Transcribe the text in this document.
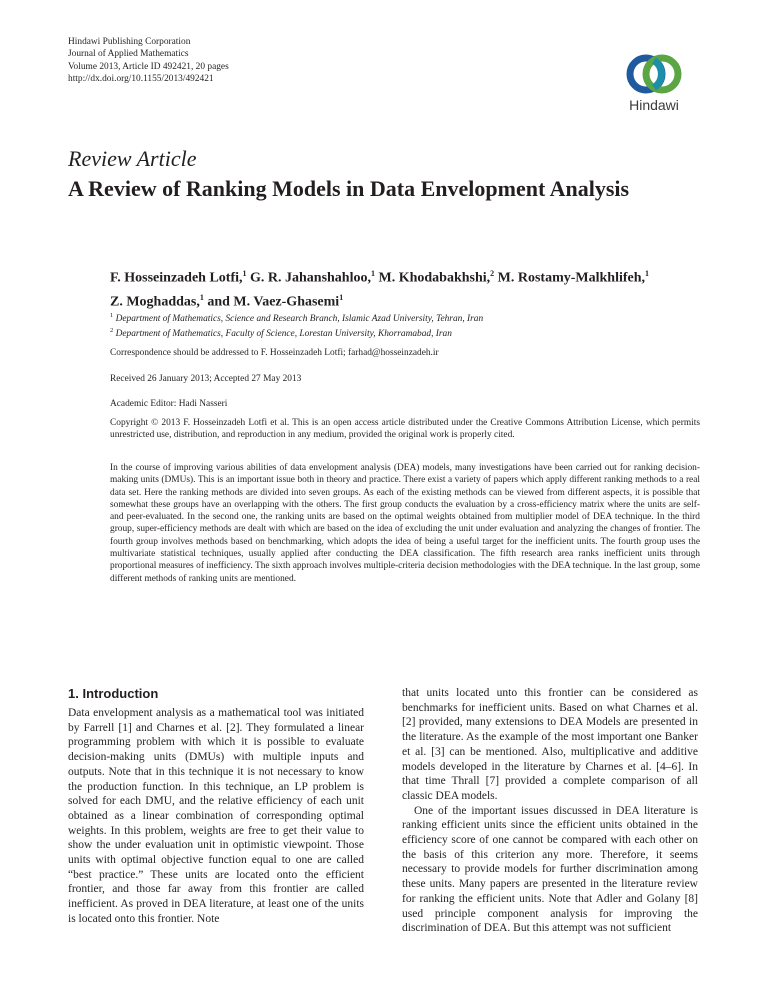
Hindawi Publishing Corporation
Journal of Applied Mathematics
Volume 2013, Article ID 492421, 20 pages
http://dx.doi.org/10.1155/2013/492421
Hindawi
Review Article
A Review of Ranking Models in Data Envelopment Analysis
F. Hosseinzadeh Lotfi,$^1$ G. R. Jahanshahloo,$^1$ M. Khodabakhshi,$^2$ M. Rostamy-Malkhlifeh,$^1$
Z. Moghaddas,$^1$ and M. Vaez-Ghasemi$^1$
$^1$ Department of Mathematics, Science and Research Branch, Islamic Azad University, Tehran, Iran
$^2$ Department of Mathematics, Faculty of Science, Lorestan University, Khorramabad, Iran
Correspondence should be addressed to F. Hosseinzadeh Lotfi; farhad@hosseinzadeh.ir
Received 26 January 2013; Accepted 27 May 2013
Academic Editor: Hadi Nasseri
Copyright © 2013 F. Hosseinzadeh Lotfi et al. This is an open access article distributed under the Creative Commons Attribution License, which permits unrestricted use, distribution, and reproduction in any medium, provided the original work is properly cited.
In the course of improving various abilities of data envelopment analysis (DEA) models, many investigations have been carried out for ranking decision-making units (DMUs). This is an important issue both in theory and practice. There exist a variety of papers which apply different ranking methods to a real data set. Here the ranking methods are divided into seven groups. As each of the existing methods can be viewed from different aspects, it is possible that somewhat these groups have an overlapping with the others. The first group conducts the evaluation by a cross-efficiency matrix where the units are self- and peer-evaluated. In the second one, the ranking units are based on the optimal weights obtained from multiplier model of DEA technique. In the third group, super-efficiency methods are dealt with which are based on the idea of excluding the unit under evaluation and analyzing the changes of frontier. The fourth group involves methods based on benchmarking, which adopts the idea of being a useful target for the inefficient units. The fourth group uses the multivariate statistical techniques, usually applied after conducting the DEA classification. The fifth research area ranks inefficient units through proportional measures of inefficiency. The sixth approach involves multiple-criteria decision methodologies with the DEA technique. In the last group, some different methods of ranking units are mentioned.
1. Introduction

Data envelopment analysis as a mathematical tool was initiated by Farrell [1] and Charnes et al. [2]. They formulated a linear programming problem with which it is possible to evaluate decision-making units (DMUs) with multiple inputs and outputs. Note that in this technique it is not necessary to know the production function. In this technique, an LP problem is solved for each DMU, and the relative efficiency of each unit obtained as a linear combination of corresponding optimal weights. In this problem, weights are free to get their value to show the under evaluation unit in optimistic viewpoint. Those units with optimal objective function equal to one are called “best practice.” These units are located onto the efficient frontier, and those far away from this frontier are called inefficient. As proved in DEA literature, at least one of the units is located onto this frontier. Note

that units located unto this frontier can be considered as benchmarks for inefficient units. Based on what Charnes et al. [2] provided, many extensions to DEA Models are presented in the literature. As the example of the most important one Banker et al. [3] can be mentioned. Also, multiplicative and additive models developed in the literature by Charnes et al. [4–6]. In that time Thrall [7] provided a complete comparison of all classic DEA models.

One of the important issues discussed in DEA literature is ranking efficient units since the efficient units obtained in the efficiency score of one cannot be compared with each other on the basis of this criterion any more. Therefore, it seems necessary to provide models for further discrimination among these units. Many papers are presented in the literature review for ranking the efficient units. Note that Adler and Golany [8] used principle component analysis for improving the discrimination of DEA. But this attempt was not sufficient
